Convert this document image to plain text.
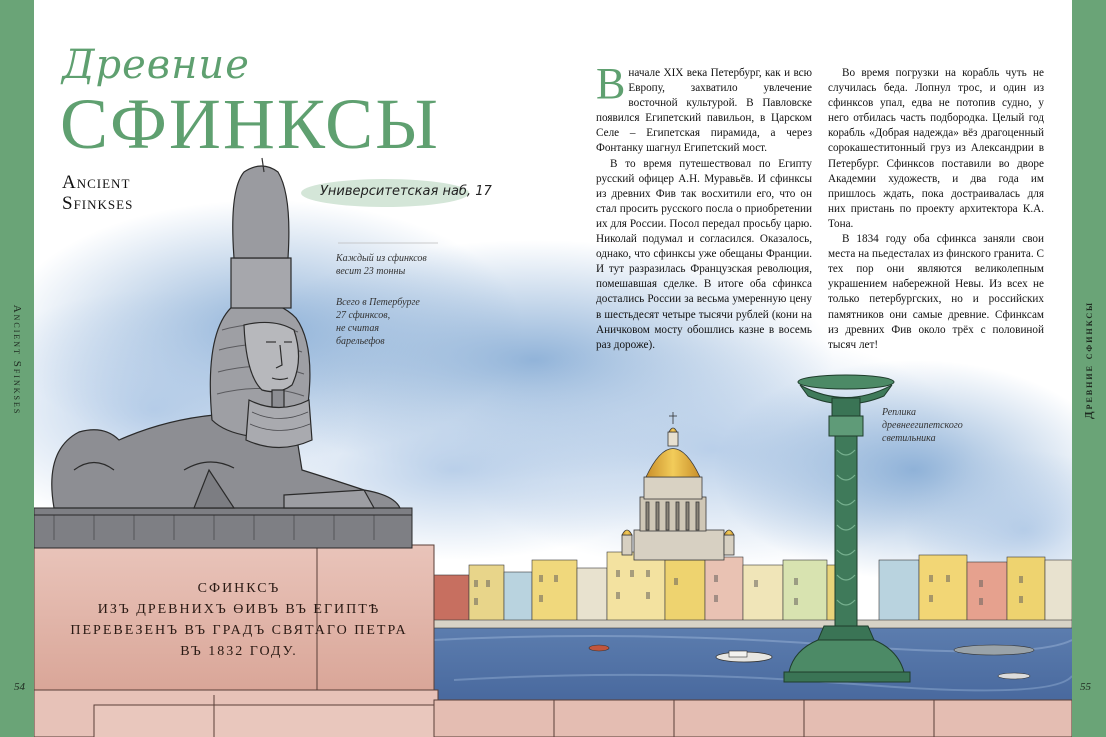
Ancient Sfinkses	Древние сфинксы
Древние
СФИНКСЫ
Ancient
Sfinkses
Университетская наб, 17
Каждый из сфинксов
весит 23 тонны
Всего в Петербурге
27 сфинксов,
не считая
барельефов
Реплика
древнеегипетского
светильника

Вначале XIX века Петербург, как и всю Европу, захватило увлечение восточной культурой. В Павловске появился Египетский павильон, в Царском Селе – Египетская пирамида, а через Фонтанку шагнул Египетский мост.

В то время путешествовал по Египту русский офицер А.Н. Муравьёв. И сфинксы из древних Фив так восхитили его, что он стал просить русского посла о приобретении их для России. Посол передал просьбу царю. Николай подумал и согласился. Оказалось, однако, что сфинксы уже обещаны Франции. И тут разразилась Французская революция, помешавшая сделке. В итоге оба сфинкса достались России за весьма умеренную цену в шестьдесят четыре тысячи рублей (кони на Аничковом мосту обошлись казне в восемь раз дороже).

Во время погрузки на корабль чуть не случилась беда. Лопнул трос, и один из сфинксов упал, едва не потопив судно, у него отбилась часть подбородка. Целый год корабль «Добрая надежда» вёз драгоценный сорокашеститонный груз из Александрии в Петербург. Сфинксов поставили во дворе Академии художеств, и два года им пришлось ждать, пока достраивалась для них пристань по проекту архитектора К.А. Тона.

В 1834 году оба сфинкса заняли свои места на пьедесталах из финского гранита. С тех пор они являются великолепным украшением набережной Невы. Из всех не только петербургских, но и российских памятников они самые древние. Сфинксам из древних Фив около трёх с половиной тысяч лет!

СФИНКСЪ
ИЗЪ ДРЕВНИХЪ ӨИВЪ ВЪ ЕГИПТѢ
ПЕРЕВЕЗЕНЪ ВЪ ГРАДЪ СВЯТАГО ПЕТРА
ВЪ 1832 ГОДУ.
54	55
